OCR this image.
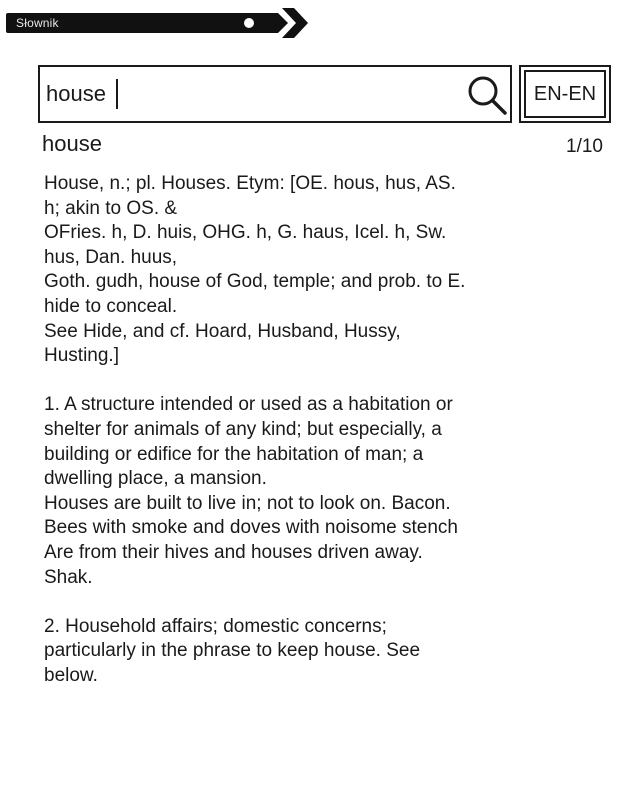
Słownik
house
EN-EN
house	1/10

House, n.; pl. Houses. Etym: [OE. hous, hus, AS.
h; akin to OS. &
OFries. h, D. huis, OHG. h, G. haus, Icel. h, Sw.
hus, Dan. huus,
Goth. gudh, house of God, temple; and prob. to E.
hide to conceal.
See Hide, and cf. Hoard, Husband, Hussy,
Husting.]

1. A structure intended or used as a habitation or
shelter for animals of any kind; but especially, a
building or edifice for the habitation of man; a
dwelling place, a mansion.
Houses are built to live in; not to look on. Bacon.
Bees with smoke and doves with noisome stench
Are from their hives and houses driven away.
Shak.

2. Household affairs; domestic concerns;
particularly in the phrase to keep house. See
below.
